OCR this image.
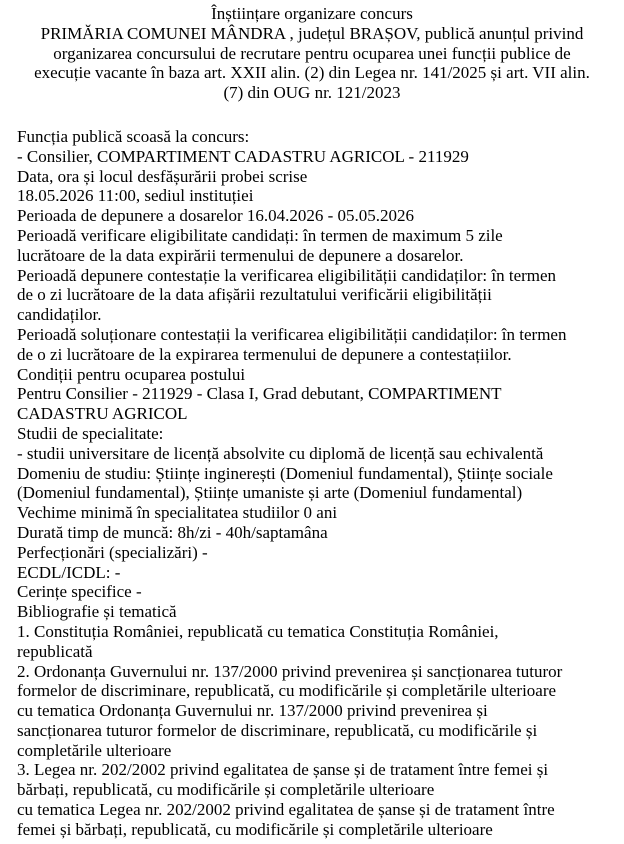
Înștiințare organizare concurs
PRIMĂRIA COMUNEI MÂNDRA , județul BRAȘOV, publică anunțul privind
organizarea concursului de recrutare pentru ocuparea unei funcții publice de
execuție vacante în baza art. XXII alin. (2) din Legea nr. 141/2025 și art. VII alin.
(7) din OUG nr. 121/2023
Funcția publică scoasă la concurs:
- Consilier, COMPARTIMENT CADASTRU AGRICOL - 211929
Data, ora și locul desfășurării probei scrise
18.05.2026 11:00, sediul instituției
Perioada de depunere a dosarelor 16.04.2026 - 05.05.2026
Perioadă verificare eligibilitate candidați: în termen de maximum 5 zile
lucrătoare de la data expirării termenului de depunere a dosarelor.
Perioadă depunere contestație la verificarea eligibilității candidaților: în termen
de o zi lucrătoare de la data afișării rezultatului verificării eligibilității
candidaților.
Perioadă soluționare contestații la verificarea eligibilității candidaților: în termen
de o zi lucrătoare de la expirarea termenului de depunere a contestațiilor.
Condiții pentru ocuparea postului
Pentru Consilier - 211929 - Clasa I, Grad debutant, COMPARTIMENT
CADASTRU AGRICOL
Studii de specialitate:
- studii universitare de licență absolvite cu diplomă de licență sau echivalentă
Domeniu de studiu: Științe inginerești (Domeniul fundamental), Științe sociale
(Domeniul fundamental), Științe umaniste și arte (Domeniul fundamental)
Vechime minimă în specialitatea studiilor 0 ani
Durată timp de muncă: 8h/zi - 40h/saptamâna
Perfecționări (specializări) -
ECDL/ICDL: -
Cerințe specifice -
Bibliografie și tematică
1. Constituția României, republicată cu tematica Constituția României,
republicată
2. Ordonanța Guvernului nr. 137/2000 privind prevenirea și sancționarea tuturor
formelor de discriminare, republicată, cu modificările și completările ulterioare
cu tematica Ordonanța Guvernului nr. 137/2000 privind prevenirea și
sancționarea tuturor formelor de discriminare, republicată, cu modificările și
completările ulterioare
3. Legea nr. 202/2002 privind egalitatea de șanse și de tratament între femei și
bărbați, republicată, cu modificările și completările ulterioare
cu tematica Legea nr. 202/2002 privind egalitatea de șanse și de tratament între
femei și bărbați, republicată, cu modificările și completările ulterioare
